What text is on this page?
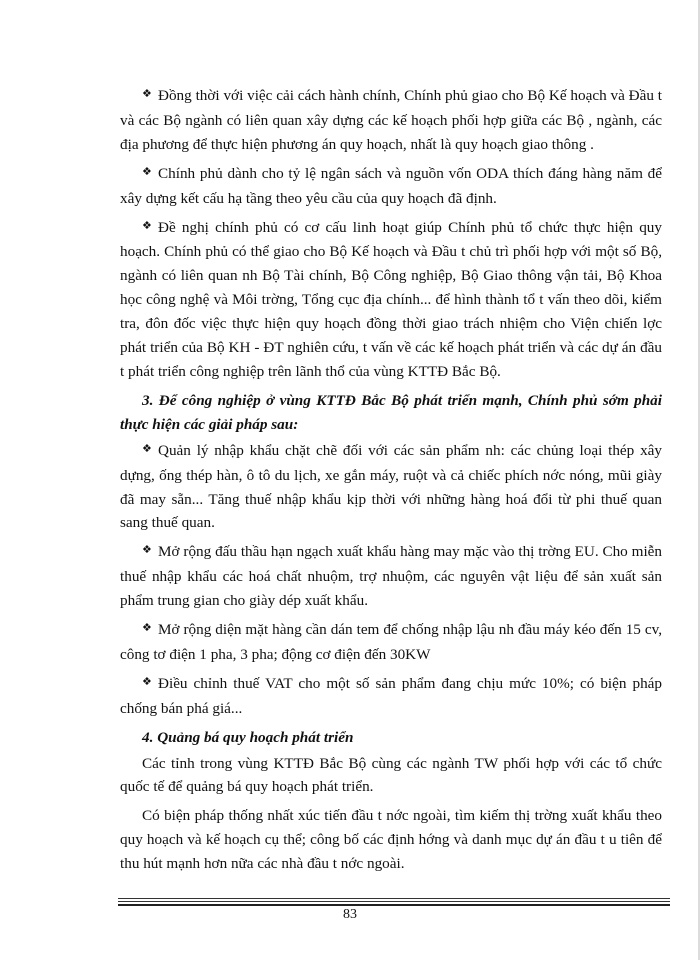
❖ Đồng thời với việc cải cách hành chính, Chính phủ giao cho Bộ Kế hoạch và Đầu t và các Bộ ngành có liên quan xây dựng các kế hoạch phối hợp giữa các Bộ , ngành, các địa phương để thực hiện phương án quy hoạch, nhất là quy hoạch giao thông .

❖ Chính phủ dành cho tỷ lệ ngân sách và nguồn vốn ODA thích đáng hàng năm để xây dựng kết cấu hạ tầng theo yêu cầu của quy hoạch đã định.

❖ Đề nghị chính phủ có cơ cấu linh hoạt giúp Chính phủ tổ chức thực hiện quy hoạch. Chính phủ có thể giao cho Bộ Kế hoạch và Đầu t chủ trì phối hợp với một số Bộ, ngành có liên quan nh Bộ Tài chính, Bộ Công nghiệp, Bộ Giao thông vận tải, Bộ Khoa học công nghệ và Môi trờng, Tổng cục địa chính... để hình thành tổ t vấn theo dõi, kiểm tra, đôn đốc việc thực hiện quy hoạch đồng thời giao trách nhiệm cho Viện chiến lợc phát triển của Bộ KH - ĐT nghiên cứu, t vấn về các kế hoạch phát triển và các dự án đầu t phát triển công nghiệp trên lãnh thổ của vùng KTTĐ Bắc Bộ.

3. Để công nghiệp ở vùng KTTĐ Bắc Bộ phát triển mạnh, Chính phủ sớm phải thực hiện các giải pháp sau:

❖ Quản lý nhập khẩu chặt chẽ đối với các sản phẩm nh: các chủng loại thép xây dựng, ống thép hàn, ô tô du lịch, xe gắn máy, ruột và cả chiếc phích nớc nóng, mũi giày đã may sẵn... Tăng thuế nhập khẩu kịp thời với những hàng hoá đổi từ phi thuế quan sang thuế quan.

❖ Mở rộng đấu thầu hạn ngạch xuất khẩu hàng may mặc vào thị trờng EU. Cho miễn thuế nhập khẩu các hoá chất nhuộm, trợ nhuộm, các nguyên vật liệu để sản xuất sản phẩm trung gian cho giày dép xuất khẩu.

❖ Mở rộng diện mặt hàng cần dán tem để chống nhập lậu nh đầu máy kéo đến 15 cv, công tơ điện 1 pha, 3 pha; động cơ điện đến 30KW

❖ Điều chỉnh thuế VAT cho một số sản phẩm đang chịu mức 10%; có biện pháp chống bán phá giá...

4. Quảng bá quy hoạch phát triển

Các tỉnh trong vùng KTTĐ Bắc Bộ cùng các ngành TW phối hợp với các tổ chức quốc tế để quảng bá quy hoạch phát triển.

Có biện pháp thống nhất xúc tiến đầu t nớc ngoài, tìm kiếm thị trờng xuất khẩu theo quy hoạch và kế hoạch cụ thể; công bố các định hớng và danh mục dự án đầu t u tiên để thu hút mạnh hơn nữa các nhà đầu t nớc ngoài.

83
